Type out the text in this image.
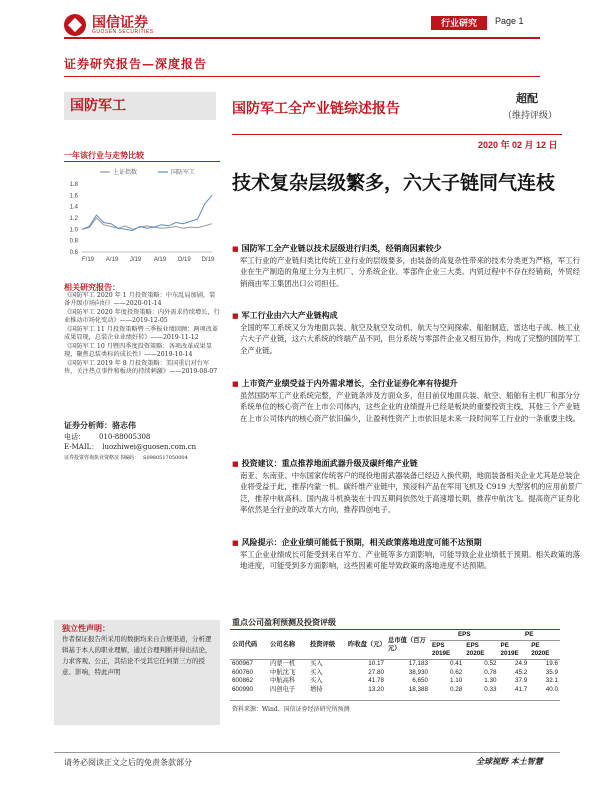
国信证券
GUOSEN SECURITIES
行业研究	Page 1
证券研究报告—深度报告
国防军工	国防军工全产业链综述报告
超配
（维持评级）
2020 年 02 月 12 日
一年该行业与走势比较
上证指数	国防军工
1.8
1.6
1.4
1.2
1.0
0.8
0.6
F/19 A/19 J/19 A/19 O/19 D/19
相关研究报告：

《国防军工 2020 年 1 月投资策略：中东乱局加剧，装备升级市场向好》——2020-01-14

《国防军工 2020 年度投资策略：内外需求持续增长，行业推动市场化变动》——2019-12-05

《国防军工 11 月投资策略暨三季报业绩回顾：两项改革成果显现，总装企业业绩好转》——2019-11-12

《国防军工 10 月暨四季度投资策略：各项改革成果显现，聚焦总装类标的成长性》——2019-10-14

《国防军工 2019 年 8 月投资策略：美国重启对台军售，关注热点事件和板块的持续刺激》——2019-08-07

证券分析师：骆志伟
电话： 010-88005308
E-MAIL： luozhiwei@guosen.com.cn
证券投资咨询执业资格证书编码： S0980517050004
独立性声明：
作者保证报告所采用的数据均来自合规渠道，分析逻辑基于本人的职业理解，通过合理判断并得出结论，力求客观、公正，其结论不受其它任何第三方的授意、影响，特此声明
技术复杂层级繁多，六大子链同气连枝
■ 国防军工全产业链以技术层级进行归类，经销商因素较少
军工行业的产业链归类比传统工业行业的层级要多，由装备的高复杂性带来的技术分类更为严格，军工行业在生产制造的角度上分为主机厂、分系统企业、零部件企业三大类。内贸过程中不存在经销商，外贸经销商由军工集团出口公司担任。
■ 军工行业由六大产业链构成
全国的军工系统又分为地面兵装、航空及航空发动机、航天与空间探索、船舶制造、雷达电子战、核工业六大子产业链，这六大系统的终端产品不同，但分系统与零部件企业又相互协作，构成了完整的国防军工全产业链。
■ 上市资产业绩受益于内外需求增长，全行业证券化率有待提升
虽然国防军工产业系统完整，产业链条涉及方面众多，但目前仅地面兵装、航空、船舶有主机厂和部分分系统单位的核心资产在上市公司体内，这些企业的业绩提升已经是板块的重要投资主线，其他三个产业链在上市公司体内的核心资产依旧偏少，让盈利性资产上市依旧是未来一段时间军工行业的一条重要主线。
■ 投资建议：重点推荐地面武器升级及碳纤维产业链
南亚、东南亚、中东国家传统客户的现役地面武器装备已经迈入换代期，地面装备相关企业尤其是总装企业将受益于此，推荐内蒙一机。碳纤维产业链中，预浸料产品在军用飞机及 C919 大型客机的应用前景广泛，推荐中航高科。国内战斗机换装在十四五期间依然处于高速增长期，推荐中航沈飞。提高资产证券化率依然是全行业的改革大方向，推荐四创电子。
■ 风险提示：企业业绩可能低于预期，相关政策落地进度可能不达预期
军工企业业绩成长可能受到来自军方、产业链等多方面影响，可能导致企业业绩低于预期。相关政策的落地进度，可能受到多方面影响，这些因素可能导致政策的落地进度不达预期。
重点公司盈利预测及投资评级
公司代码	公司名称	投资评级	昨收盘（元）	总市值（百万元）	EPS		PE	
					EPS 2019E	EPS 2020E	PE 2019E	PE 2020E
600967	内蒙一机	买入	10.17	17,183	0.41	0.52	24.9	19.6
600760	中航沈飞	买入	27.80	38,930	0.62	0.78	45.2	35.9
600862	中航高科	买入	41.78	6,650	1.10	1.30	37.9	32.1
600990	四创电子	增持	13.20	18,388	0.28	0.33	41.7	40.0
资料来源：Wind、国信证券经济研究所预测
请务必阅读正文之后的免责条款部分	全球视野 本土智慧
